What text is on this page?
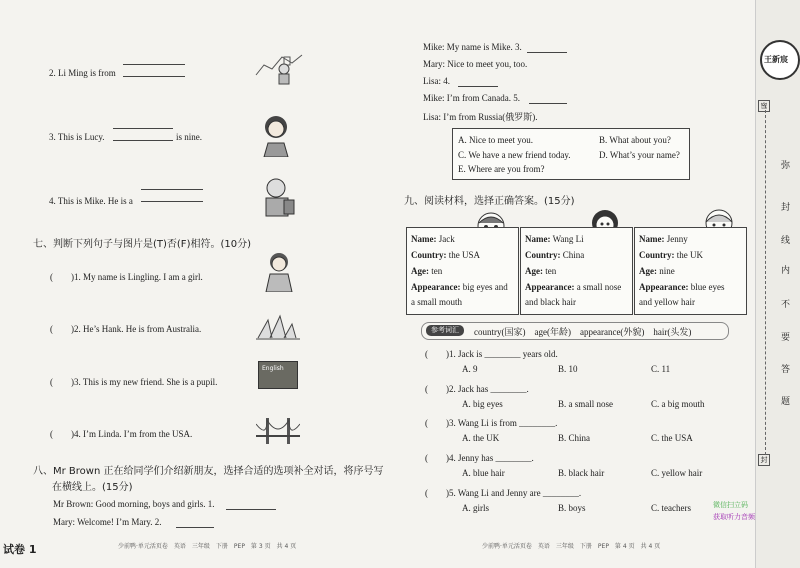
2. Li Ming is from
3. This is Lucy.	is nine.
4. This is Mike. He is a
七、判断下列句子与图片是(T)否(F)相符。(10分)
(　　)1. My name is Lingling. I am a girl.
(　　)2. He’s Hank. He is from Australia.
(　　)3. This is my new friend. She is a pupil.
English
(　　)4. I’m Linda. I’m from the USA.
八、Mr Brown 正在给同学们介绍新朋友，选择合适的选项补全对话，将序号写
在横线上。(15分)
Mr Brown: Good morning, boys and girls. 1.
Mary: Welcome! I’m Mary. 2.
试卷 1	少前鸭·单元活页卷　英语　三年级　下册　PEP　第 3 页　共 4 页
Mike: My name is Mike. 3.
Mary: Nice to meet you, too.
Lisa: 4.
Mike: I’m from Canada. 5.
Lisa: I’m from Russia(俄罗斯).
A. Nice to meet you.	B. What about you?
C. We have a new friend today.	D. What’s your name?
E. Where are you from?
九、阅读材料，选择正确答案。(15分)
Name: Jack
Country: the USA
Age: ten
Appearance: big eyes and
a small mouth
Name: Wang Li
Country: China
Age: ten
Appearance: a small nose
and black hair
Name: Jenny
Country: the UK
Age: nine
Appearance: blue eyes
and yellow hair
参考词汇	country(国家)　age(年龄)　appearance(外貌)　hair(头发)
(　　)1. Jack is ________ years old.
A. 9	B. 10	C. 11
(　　)2. Jack has ________.
A. big eyes	B. a small nose	C. a big mouth
(　　)3. Wang Li is from ________.
A. the UK	B. China	C. the USA
(　　)4. Jenny has ________.
A. blue hair	B. black hair	C. yellow hair
(　　)5. Wang Li and Jenny are ________.
A. girls	B. boys	C. teachers	微信扫立码
获取听力音频
少前鸭·单元活页卷　英语　三年级　下册　PEP　第 4 页　共 4 页
王新宸
密
封
弥
封
线
内
不
要
答
题
